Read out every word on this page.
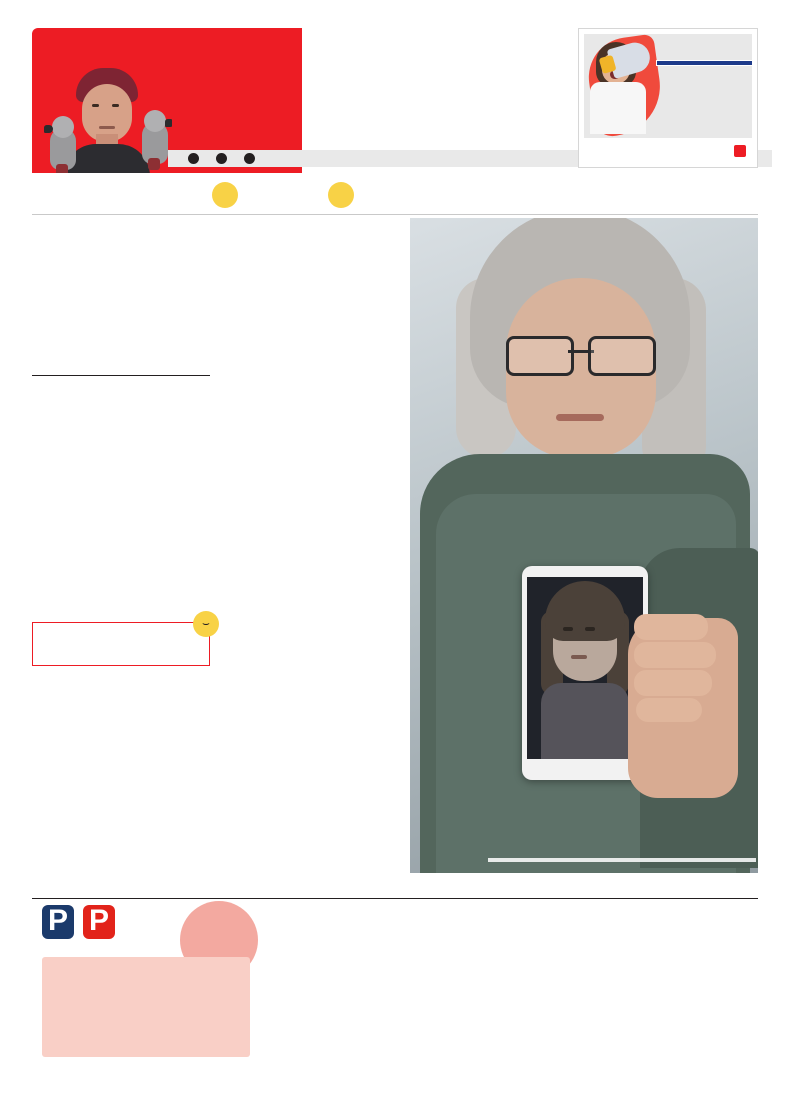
⌣
P P
